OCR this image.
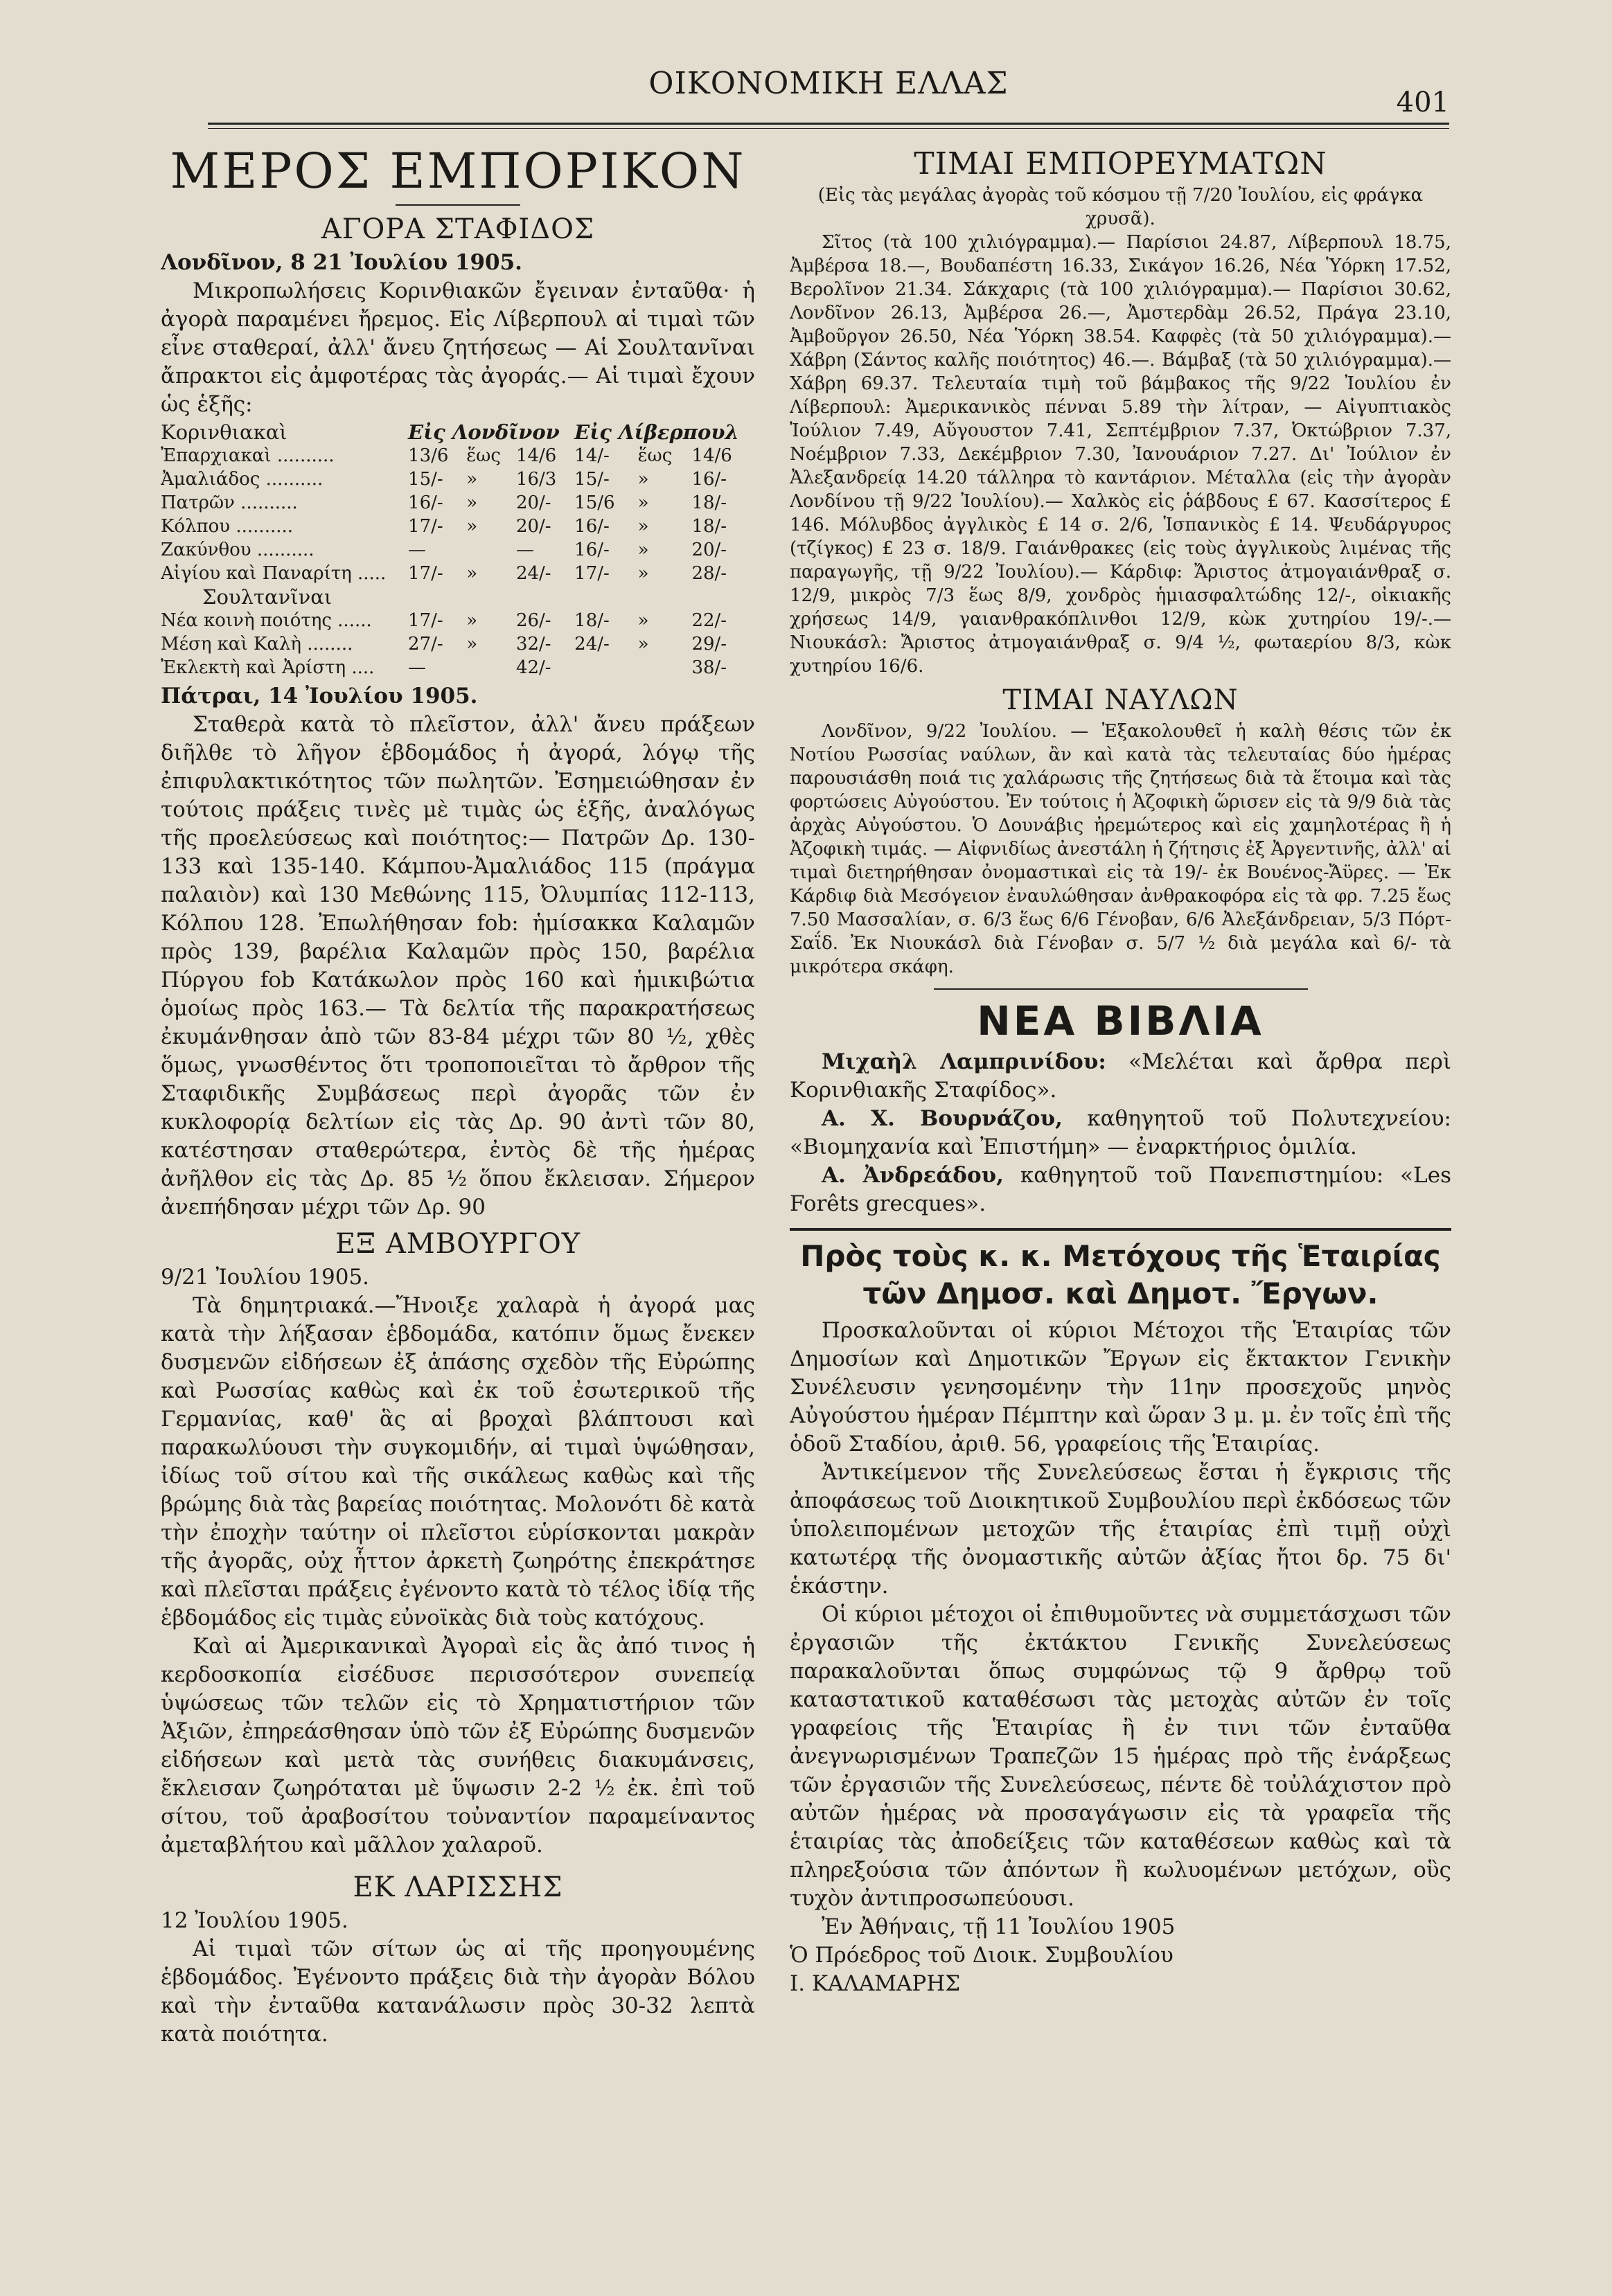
ΟΙΚΟΝΟΜΙΚΗ ΕΛΛΑΣ
401
ΜΕΡΟΣ ΕΜΠΟΡΙΚΟΝ
ΑΓΟΡΑ ΣΤΑΦΙΔΟΣ

Λονδῖνον, 8 21 Ἰουλίου 1905.

Μικροπωλήσεις Κορινθιακῶν ἔγειναν ἐνταῦθα· ἡ ἀγορὰ παραμένει ἤρεμος. Εἰς Λίβερπουλ αἱ τιμαὶ τῶν εἶνε σταθεραί, ἀλλ' ἄνευ ζητήσεως — Αἱ Σουλτανῖναι ἄπρακτοι εἰς ἀμφοτέρας τὰς ἀγοράς.— Αἱ τιμαὶ ἔχουν ὡς ἑξῆς:

Κορινθιακαὶ	Εἰς Λονδῖνον			Εἰς Λίβερπουλ		
Ἐπαρχιακαὶ ..........	13/6	ἕως	14/6	14/-	ἕως	14/6
Ἀμαλιάδος ..........	15/-	»	16/3	15/-	»	16/-
Πατρῶν ..........	16/-	»	20/-	15/6	»	18/-
Κόλπου ..........	17/-	»	20/-	16/-	»	18/-
Ζακύνθου ..........	—		—	16/-	»	20/-
Αἰγίου καὶ Παναρίτη .....	17/-	»	24/-	17/-	»	28/-
Σουλτανῖναι						
Νέα κοινὴ ποιότης ......	17/-	»	26/-	18/-	»	22/-
Μέση καὶ Καλὴ ........	27/-	»	32/-	24/-	»	29/-
Ἐκλεκτὴ καὶ Ἀρίστη ....	—		42/-			38/-

Πάτραι, 14 Ἰουλίου 1905.

Σταθερὰ κατὰ τὸ πλεῖστον, ἀλλ' ἄνευ πράξεων διῆλθε τὸ λῆγον ἑβδομάδος ἡ ἀγορά, λόγῳ τῆς ἐπιφυλακτικότητος τῶν πωλητῶν. Ἐσημειώθησαν ἐν τούτοις πράξεις τινὲς μὲ τιμὰς ὡς ἑξῆς, ἀναλόγως τῆς προελεύσεως καὶ ποιότητος:— Πατρῶν Δρ. 130-133 καὶ 135-140. Κάμπου-Ἀμαλιάδος 115 (πράγμα παλαιὸν) καὶ 130 Μεθώνης 115, Ὀλυμπίας 112-113, Κόλπου 128. Ἐπωλήθησαν fob: ἡμίσακκα Καλαμῶν πρὸς 139, βαρέλια Καλαμῶν πρὸς 150, βαρέλια Πύργου fob Κατάκωλον πρὸς 160 καὶ ἡμικιβώτια ὁμοίως πρὸς 163.— Τὰ δελτία τῆς παρακρατήσεως ἐκυμάνθησαν ἀπὸ τῶν 83-84 μέχρι τῶν 80 ½, χθὲς ὅμως, γνωσθέντος ὅτι τροποποιεῖται τὸ ἄρθρον τῆς Σταφιδικῆς Συμβάσεως περὶ ἀγορᾶς τῶν ἐν κυκλοφορίᾳ δελτίων εἰς τὰς Δρ. 90 ἀντὶ τῶν 80, κατέστησαν σταθερώτερα, ἐντὸς δὲ τῆς ἡμέρας ἀνῆλθον εἰς τὰς Δρ. 85 ½ ὅπου ἔκλεισαν. Σήμερον ἀνεπήδησαν μέχρι τῶν Δρ. 90

ΕΞ ΑΜΒΟΥΡΓΟΥ

9/21 Ἰουλίου 1905.

Τὰ δημητριακά.—Ἤνοιξε χαλαρὰ ἡ ἀγορά μας κατὰ τὴν λήξασαν ἑβδομάδα, κατόπιν ὅμως ἔνεκεν δυσμενῶν εἰδήσεων ἐξ ἁπάσης σχεδὸν τῆς Εὐρώπης καὶ Ρωσσίας καθὼς καὶ ἐκ τοῦ ἐσωτερικοῦ τῆς Γερμανίας, καθ' ἃς αἱ βροχαὶ βλάπτουσι καὶ παρακωλύουσι τὴν συγκομιδήν, αἱ τιμαὶ ὑψώθησαν, ἰδίως τοῦ σίτου καὶ τῆς σικάλεως καθὼς καὶ τῆς βρώμης διὰ τὰς βαρείας ποιότητας. Μολονότι δὲ κατὰ τὴν ἐποχὴν ταύτην οἱ πλεῖστοι εὑρίσκονται μακρὰν τῆς ἀγορᾶς, οὐχ ἧττον ἀρκετὴ ζωηρότης ἐπεκράτησε καὶ πλεῖσται πράξεις ἐγένοντο κατὰ τὸ τέλος ἰδίᾳ τῆς ἑβδομάδος εἰς τιμὰς εὐνοϊκὰς διὰ τοὺς κατόχους.

Καὶ αἱ Ἀμερικανικαὶ Ἀγοραὶ εἰς ἃς ἀπό τινος ἡ κερδοσκοπία εἰσέδυσε περισσότερον συνεπείᾳ ὑψώσεως τῶν τελῶν εἰς τὸ Χρηματιστήριον τῶν Ἀξιῶν, ἐπηρεάσθησαν ὑπὸ τῶν ἐξ Εὐρώπης δυσμενῶν εἰδήσεων καὶ μετὰ τὰς συνήθεις διακυμάνσεις, ἔκλεισαν ζωηρόταται μὲ ὕψωσιν 2-2 ½ ἐκ. ἐπὶ τοῦ σίτου, τοῦ ἀραβοσίτου τοὐναντίον παραμείναντος ἀμεταβλήτου καὶ μᾶλλον χαλαροῦ.

ΕΚ ΛΑΡΙΣΣΗΣ

12 Ἰουλίου 1905.

Αἱ τιμαὶ τῶν σίτων ὡς αἱ τῆς προηγουμένης ἑβδομάδος. Ἐγένοντο πράξεις διὰ τὴν ἀγορὰν Βόλου καὶ τὴν ἐνταῦθα κατανάλωσιν πρὸς 30-32 λεπτὰ κατὰ ποιότητα.

ΤΙΜΑΙ ΕΜΠΟΡΕΥΜΑΤΩΝ

(Εἰς τὰς μεγάλας ἀγορὰς τοῦ κόσμου τῇ 7/20 Ἰουλίου, εἰς φράγκα χρυσᾶ).

Σῖτος (τὰ 100 χιλιόγραμμα).— Παρίσιοι 24.87, Λίβερπουλ 18.75, Ἀμβέρσα 18.—, Βουδαπέστη 16.33, Σικάγον 16.26, Νέα Ὑόρκη 17.52, Βερολῖνον 21.34. Σάκχαρις (τὰ 100 χιλιόγραμμα).— Παρίσιοι 30.62, Λονδῖνον 26.13, Ἀμβέρσα 26.—, Ἀμστερδὰμ 26.52, Πράγα 23.10, Ἀμβοῦργον 26.50, Νέα Ὑόρκη 38.54. Καφφὲς (τὰ 50 χιλιόγραμμα).— Χάβρη (Σάντος καλῆς ποιότητος) 46.—. Βάμβαξ (τὰ 50 χιλιόγραμμα).— Χάβρη 69.37. Τελευταία τιμὴ τοῦ βάμβακος τῆς 9/22 Ἰουλίου ἐν Λίβερπουλ: Ἀμερικανικὸς πένναι 5.89 τὴν λίτραν, — Αἰγυπτιακὸς Ἰούλιον 7.49, Αὔγουστον 7.41, Σεπτέμβριον 7.37, Ὀκτώβριον 7.37, Νοέμβριον 7.33, Δεκέμβριον 7.30, Ἰανουάριον 7.27. Δι' Ἰούλιον ἐν Ἀλεξανδρείᾳ 14.20 τάλληρα τὸ καντάριον. Μέταλλα (εἰς τὴν ἀγορὰν Λονδίνου τῇ 9/22 Ἰουλίου).— Χαλκὸς εἰς ῥάβδους £ 67. Κασσίτερος £ 146. Μόλυβδος ἀγγλικὸς £ 14 σ. 2/6, Ἱσπανικὸς £ 14. Ψευδάργυρος (τζίγκος) £ 23 σ. 18/9. Γαιάνθρακες (εἰς τοὺς ἀγγλικοὺς λιμένας τῆς παραγωγῆς, τῇ 9/22 Ἰουλίου).— Κάρδιφ: Ἄριστος ἀτμογαιάνθραξ σ. 12/9, μικρὸς 7/3 ἕως 8/9, χονδρὸς ἡμιασφαλτώδης 12/-, οἰκιακῆς χρήσεως 14/9, γαιανθρακόπλινθοι 12/9, κὼκ χυτηρίου 19/-.— Νιουκάσλ: Ἄριστος ἀτμογαιάνθραξ σ. 9/4 ½, φωταερίου 8/3, κὼκ χυτηρίου 16/6.

ΤΙΜΑΙ ΝΑΥΛΩΝ

Λονδῖνον, 9/22 Ἰουλίου. — Ἐξακολουθεῖ ἡ καλὴ θέσις τῶν ἐκ Νοτίου Ρωσσίας ναύλων, ἂν καὶ κατὰ τὰς τελευταίας δύο ἡμέρας παρουσιάσθη ποιά τις χαλάρωσις τῆς ζητήσεως διὰ τὰ ἕτοιμα καὶ τὰς φορτώσεις Αὐγούστου. Ἐν τούτοις ἡ Ἀζοφικὴ ὥρισεν εἰς τὰ 9/9 διὰ τὰς ἀρχὰς Αὐγούστου. Ὁ Δουνάβις ἠρεμώτερος καὶ εἰς χαμηλοτέρας ἢ ἡ Ἀζοφικὴ τιμάς. — Αἰφνιδίως ἀνεστάλη ἡ ζήτησις ἐξ Ἀργεντινῆς, ἀλλ' αἱ τιμαὶ διετηρήθησαν ὀνομαστικαὶ εἰς τὰ 19/- ἐκ Βουένος-Ἄϋρες. — Ἐκ Κάρδιφ διὰ Μεσόγειον ἐναυλώθησαν ἀνθρακοφόρα εἰς τὰ φρ. 7.25 ἕως 7.50 Μασσαλίαν, σ. 6/3 ἕως 6/6 Γένοβαν, 6/6 Ἀλεξάνδρειαν, 5/3 Πόρτ-Σαΐδ. Ἐκ Νιουκάσλ διὰ Γένοβαν σ. 5/7 ½ διὰ μεγάλα καὶ 6/- τὰ μικρότερα σκάφη.

ΝΕΑ ΒΙΒΛΙΑ

Μιχαὴλ Λαμπρινίδου: «Μελέται καὶ ἄρθρα περὶ Κορινθιακῆς Σταφίδος».

Α. Χ. Βουρνάζου, καθηγητοῦ τοῦ Πολυτεχνείου: «Βιομηχανία καὶ Ἐπιστήμη» — ἐναρκτήριος ὁμιλία.

Α. Ἀνδρεάδου, καθηγητοῦ τοῦ Πανεπιστημίου: «Les Forêts grecques».

Πρὸς τοὺς κ. κ. Μετόχους τῆς Ἑταιρίας τῶν Δημοσ. καὶ Δημοτ. Ἔργων.

Προσκαλοῦνται οἱ κύριοι Μέτοχοι τῆς Ἑταιρίας τῶν Δημοσίων καὶ Δημοτικῶν Ἔργων εἰς ἔκτακτον Γενικὴν Συνέλευσιν γενησομένην τὴν 11ην προσεχοῦς μηνὸς Αὐγούστου ἡμέραν Πέμπτην καὶ ὥραν 3 μ. μ. ἐν τοῖς ἐπὶ τῆς ὁδοῦ Σταδίου, ἀριθ. 56, γραφείοις τῆς Ἑταιρίας.

Ἀντικείμενον τῆς Συνελεύσεως ἔσται ἡ ἔγκρισις τῆς ἀποφάσεως τοῦ Διοικητικοῦ Συμβουλίου περὶ ἐκδόσεως τῶν ὑπολειπομένων μετοχῶν τῆς ἑταιρίας ἐπὶ τιμῇ οὐχὶ κατωτέρᾳ τῆς ὀνομαστικῆς αὐτῶν ἀξίας ἤτοι δρ. 75 δι' ἑκάστην.

Οἱ κύριοι μέτοχοι οἱ ἐπιθυμοῦντες νὰ συμμετάσχωσι τῶν ἐργασιῶν τῆς ἐκτάκτου Γενικῆς Συνελεύσεως παρακαλοῦνται ὅπως συμφώνως τῷ 9 ἄρθρῳ τοῦ καταστατικοῦ καταθέσωσι τὰς μετοχὰς αὐτῶν ἐν τοῖς γραφείοις τῆς Ἑταιρίας ἢ ἐν τινι τῶν ἐνταῦθα ἀνεγνωρισμένων Τραπεζῶν 15 ἡμέρας πρὸ τῆς ἐνάρξεως τῶν ἐργασιῶν τῆς Συνελεύσεως, πέντε δὲ τοὐλάχιστον πρὸ αὐτῶν ἡμέρας νὰ προσαγάγωσιν εἰς τὰ γραφεῖα τῆς ἑταιρίας τὰς ἀποδείξεις τῶν καταθέσεων καθὼς καὶ τὰ πληρεξούσια τῶν ἀπόντων ἢ κωλυομένων μετόχων, οὓς τυχὸν ἀντιπροσωπεύουσι.

Ἐν Ἀθήναις, τῇ 11 Ἰουλίου 1905

Ὁ Πρόεδρος τοῦ Διοικ. Συμβουλίου

Ι. ΚΑΛΑΜΑΡΗΣ
